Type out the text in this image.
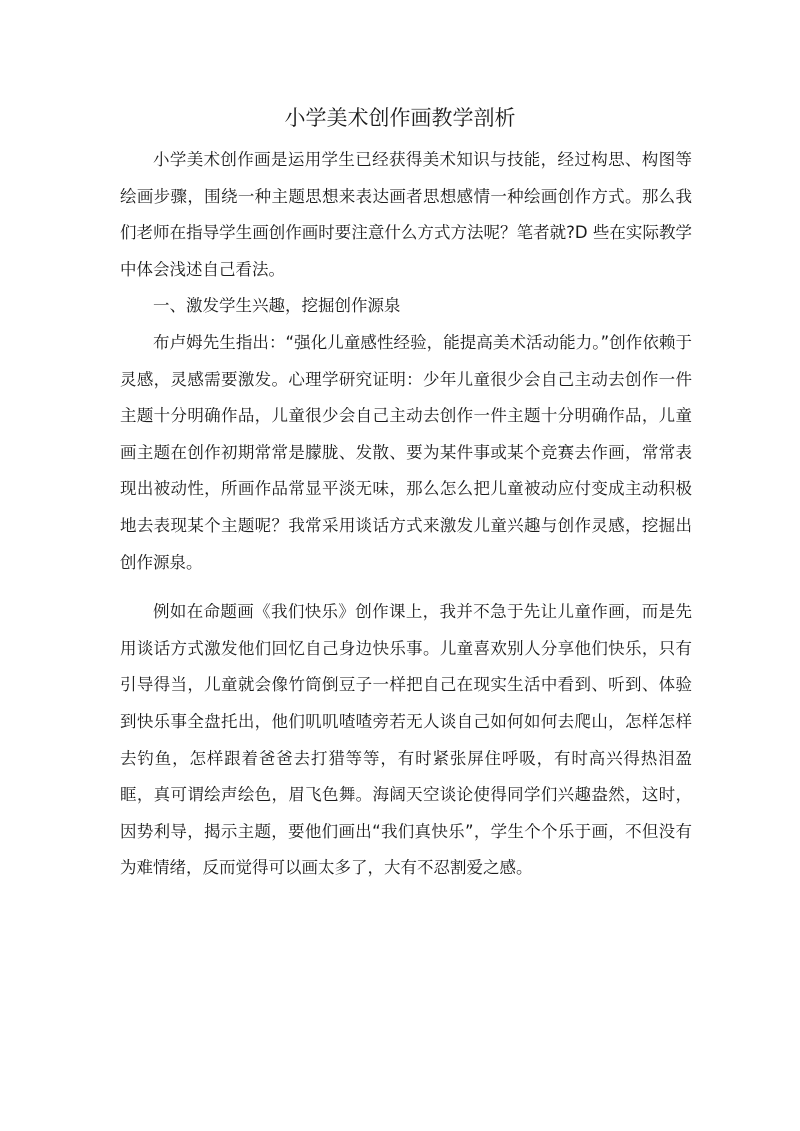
小学美术创作画教学剖析

小学美术创作画是运用学生已经获得美术知识与技能，经过构思、构图等绘画步骤，围绕一种主题思想来表达画者思想感情一种绘画创作方式。那么我们老师在指导学生画创作画时要注意什么方式方法呢？笔者就?D 些在实际教学中体会浅述自己看法。

一、激发学生兴趣，挖掘创作源泉

布卢姆先生指出：“强化儿童感性经验，能提高美术活动能力。”创作依赖于灵感，灵感需要激发。心理学研究证明：少年儿童很少会自己主动去创作一件主题十分明确作品，儿童很少会自己主动去创作一件主题十分明确作品，儿童画主题在创作初期常常是朦胧、发散、要为某件事或某个竞赛去作画，常常表现出被动性，所画作品常显平淡无味，那么怎么把儿童被动应付变成主动积极地去表现某个主题呢？我常采用谈话方式来激发儿童兴趣与创作灵感，挖掘出创作源泉。

例如在命题画《我们快乐》创作课上，我并不急于先让儿童作画，而是先用谈话方式激发他们回忆自己身边快乐事。儿童喜欢别人分享他们快乐，只有引导得当，儿童就会像竹筒倒豆子一样把自己在现实生活中看到、听到、体验到快乐事全盘托出，他们叽叽喳喳旁若无人谈自己如何如何去爬山，怎样怎样去钓鱼，怎样跟着爸爸去打猎等等，有时紧张屏住呼吸，有时高兴得热泪盈眶，真可谓绘声绘色，眉飞色舞。海阔天空谈论使得同学们兴趣盎然，这时，因势利导，揭示主题，要他们画出“我们真快乐”，学生个个乐于画，不但没有为难情绪，反而觉得可以画太多了，大有不忍割爱之感。
